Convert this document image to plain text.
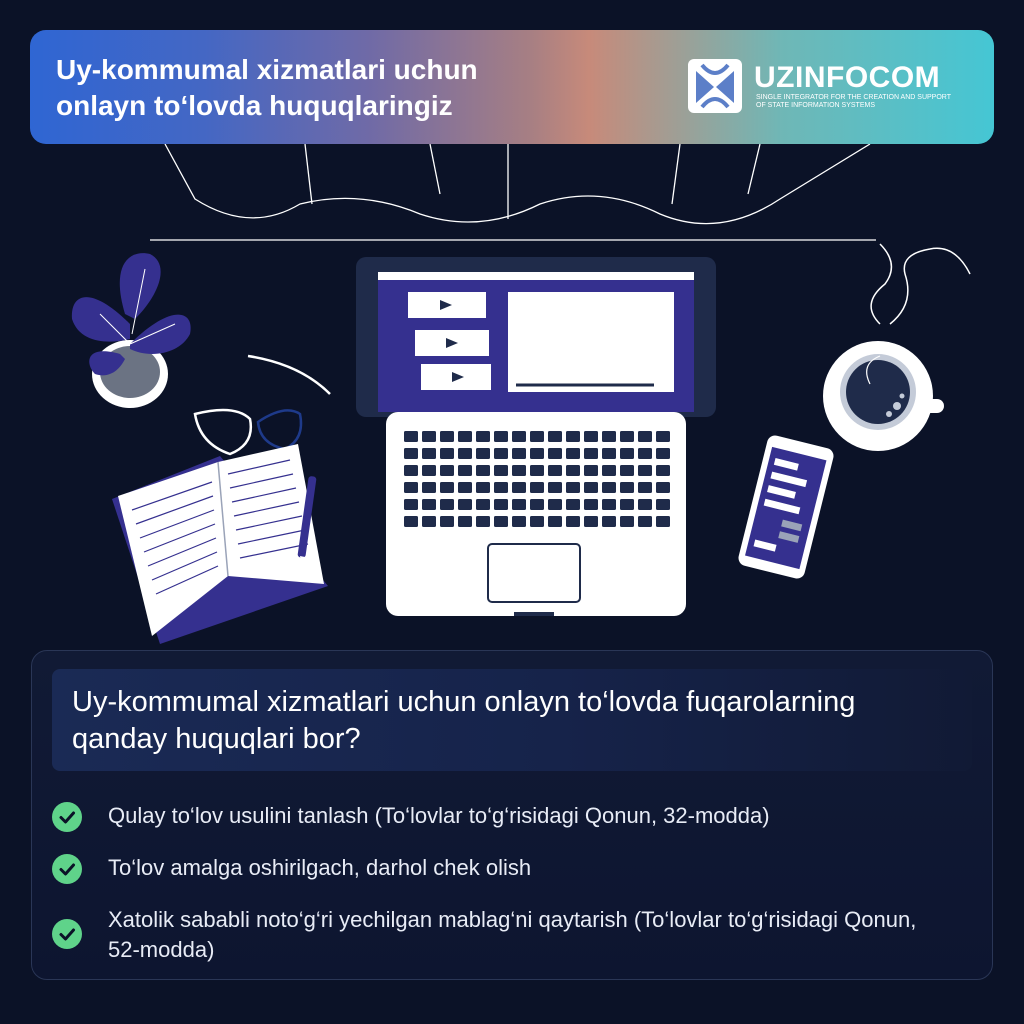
Uy-kommumal xizmatlari uchun
onlayn to‘lovda huquqlaringiz
UZINFOCOM
SINGLE INTEGRATOR FOR THE CREATION AND SUPPORT
OF STATE INFORMATION SYSTEMS
Uy-kommumal xizmatlari uchun onlayn to‘lovda fuqarolarning qanday huquqlari bor?
Qulay to‘lov usulini tanlash (To‘lovlar to‘g‘risidagi Qonun, 32-modda)
To‘lov amalga oshirilgach, darhol chek olish
Xatolik sababli noto‘g‘ri yechilgan mablag‘ni qaytarish (To‘lovlar to‘g‘risidagi Qonun, 52-modda)
